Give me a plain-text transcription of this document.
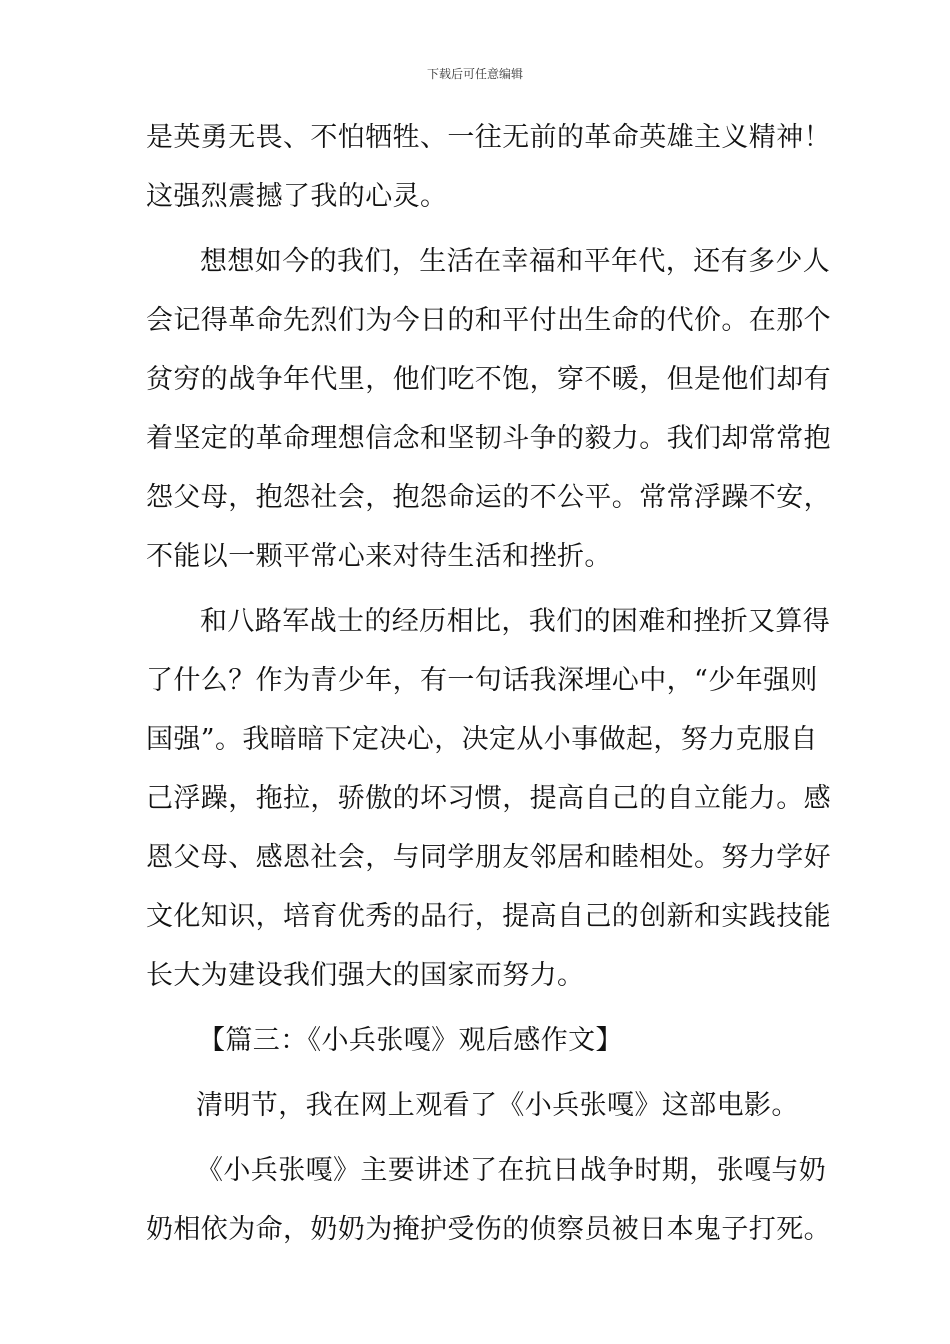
下载后可任意编辑
是英勇无畏、不怕牺牲、一往无前的革命英雄主义精神！
这强烈震撼了我的心灵。
想想如今的我们，生活在幸福和平年代，还有多少人
会记得革命先烈们为今日的和平付出生命的代价。在那个
贫穷的战争年代里，他们吃不饱，穿不暖，但是他们却有
着坚定的革命理想信念和坚韧斗争的毅力。我们却常常抱
怨父母，抱怨社会，抱怨命运的不公平。常常浮躁不安，
不能以一颗平常心来对待生活和挫折。
和八路军战士的经历相比，我们的困难和挫折又算得
了什么？作为青少年，有一句话我深埋心中，“少年强则
国强”。我暗暗下定决心，决定从小事做起，努力克服自
己浮躁，拖拉，骄傲的坏习惯，提高自己的自立能力。感
恩父母、感恩社会，与同学朋友邻居和睦相处。努力学好
文化知识，培育优秀的品行，提高自己的创新和实践技能
长大为建设我们强大的国家而努力。
【篇三：《小兵张嘎》观后感作文】
清明节，我在网上观看了《小兵张嘎》这部电影。
《小兵张嘎》主要讲述了在抗日战争时期，张嘎与奶
奶相依为命，奶奶为掩护受伤的侦察员被日本鬼子打死。
